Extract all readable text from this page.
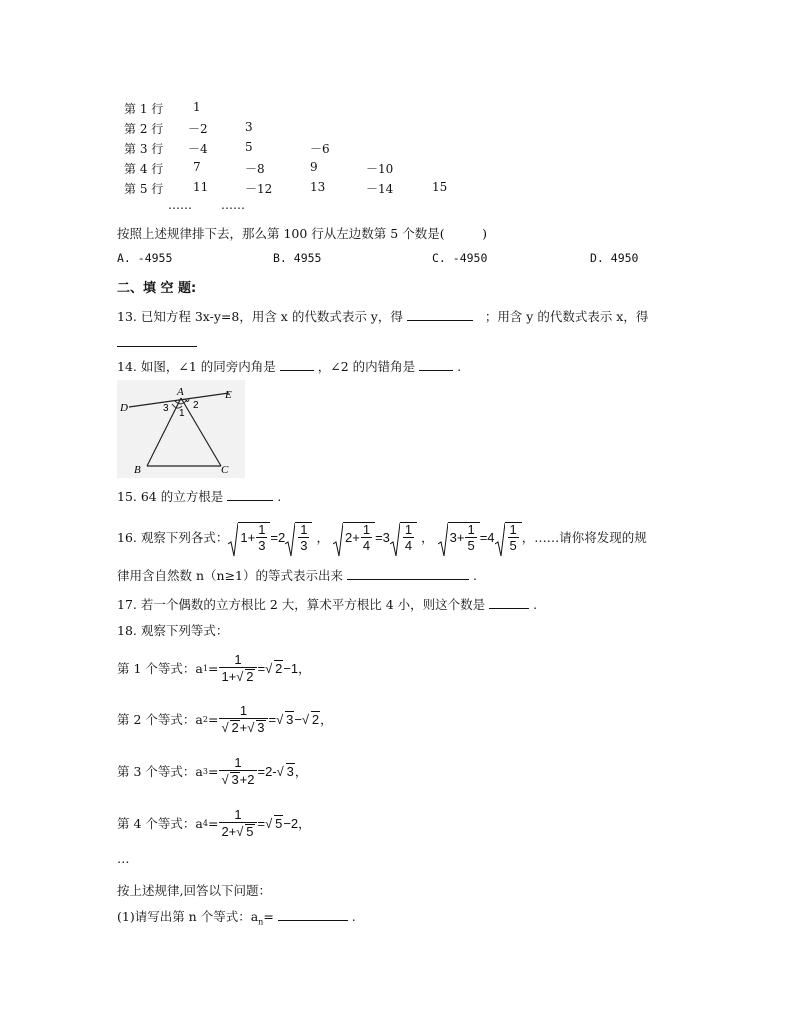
第 1 行 1
第 2 行 －2	3
第 3 行 －4	5	－6
第 4 行 7	－8	9	－10
第 5 行 11	－12	13	－14	15
…… ……
按照上述规律排下去，那么第 100 行从左边数第 5 个数是(　　　)
A. -4955	B. 4955	C. -4950	D. 4950
二、填 空 题:
13. 已知方程 3x-y=8，用含 x 的代数式表示 y，得	；用含 y 的代数式表示 x，得
14. 如图，∠1 的同旁内角是	，∠2 的内错角是	.
A	E
D
B	C
3 2
1
15. 64 的立方根是	.
16. 观察下列各式： $1 + \frac{1}{3} =2 \frac{1}{3}$ ， $2 + \frac{1}{4} =3 \frac{1}{4}$ ， $3 + \frac{1}{5} =4 \frac{1}{5}$ ，……请你将发现的规
律用含自然数 n（n≥1）的等式表示出来	.
17. 若一个偶数的立方根比 2 大，算术平方根比 4 小，则这个数是	.
18. 观察下列等式：
第 1 个等式：a $1 = \frac{1}{1+ √ 2}$ = √ 2−1 ，
第 2 个等式：a $2 = \frac{1}{√ 2+ √ 3}$ = √ 3− √ 2 ，
第 3 个等式：a $3 = \frac{1}{√ 3+2} =2-$ √ 3 ，
第 4 个等式：a $4 = \frac{1}{2+ √ 5}$ = √ 5−2 ，
…
按上述规律,回答以下问题：
(1)请写出第 n 个等式：$a_n=$	.
